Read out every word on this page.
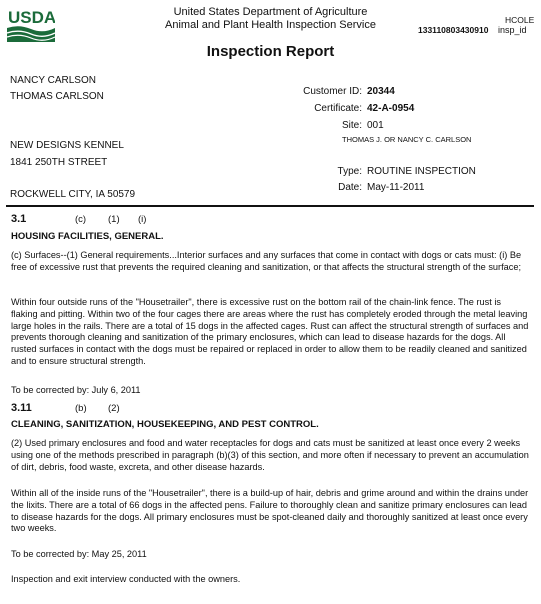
USDA	United States Department of Agriculture
Animal and Plant Health Inspection Service	HCOLE
133110803430910 insp_id
Inspection Report
NANCY CARLSON
THOMAS CARLSON
NEW DESIGNS KENNEL
1841 250TH STREET
ROCKWELL CITY, IA 50579
Customer ID: 20344
Certificate: 42-A-0954
Site: 001
THOMAS J. OR NANCY C. CARLSON
Type: ROUTINE INSPECTION
Date: May-11-2011
3.1	(c) (1) (i)
HOUSING FACILITIES, GENERAL.

(c) Surfaces--(1) General requirements...Interior surfaces and any surfaces that come in contact with dogs or cats must: (i) Be free of excessive rust that prevents the required cleaning and sanitization, or that affects the structural strength of the surface;

Within four outside runs of the "Housetrailer", there is excessive rust on the bottom rail of the chain-link fence. The rust is flaking and pitting. Within two of the four cages there are areas where the rust has completely eroded through the metal leaving large holes in the rails. There are a total of 15 dogs in the affected cages. Rust can affect the structural strength of surfaces and prevents thorough cleaning and sanitization of the primary enclosures, which can lead to disease hazards for the dogs. All rusted surfaces in contact with the dogs must be repaired or replaced in order to allow them to be readily cleaned and sanitized and to ensure structural strength.

To be corrected by: July 6, 2011
3.11	(b) (2)
CLEANING, SANITIZATION, HOUSEKEEPING, AND PEST CONTROL.

(2) Used primary enclosures and food and water receptacles for dogs and cats must be sanitized at least once every 2 weeks using one of the methods prescribed in paragraph (b)(3) of this section, and more often if necessary to prevent an accumulation of dirt, debris, food waste, excreta, and other disease hazards.

Within all of the inside runs of the "Housetrailer", there is a build-up of hair, debris and grime around and within the drains under the lixits. There are a total of 66 dogs in the affected pens. Failure to thoroughly clean and sanitize primary enclosures can lead to disease hazards for the dogs. All primary enclosures must be spot-cleaned daily and thoroughly sanitized at least once every two weeks.

To be corrected by: May 25, 2011
Inspection and exit interview conducted with the owners.
